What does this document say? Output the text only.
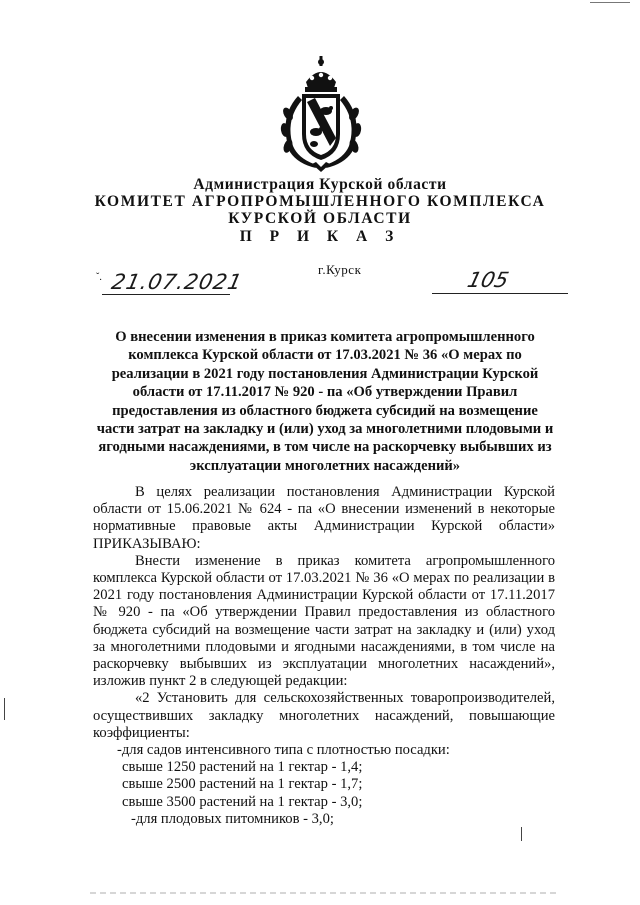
Администрация Курской области
КОМИТЕТ АГРОПРОМЫШЛЕННОГО КОМПЛЕКСА
КУРСКОЙ ОБЛАСТИ
П Р И К А З
ˇ. 21.07.2021
г.Курск	105
О внесении изменения в приказ комитета агропромышленного комплекса Курской области от 17.03.2021 № 36 «О мерах по реализации в 2021 году постановления Администрации Курской области от 17.11.2017 № 920 - па «Об утверждении Правил предоставления из областного бюджета субсидий на возмещение части затрат на закладку и (или) уход за многолетними плодовыми и ягодными насаждениями, в том числе на раскорчевку выбывших из эксплуатации многолетних насаждений»

В целях реализации постановления Администрации Курской области от 15.06.2021 № 624 - па «О внесении изменений в некоторые нормативные правовые акты Администрации Курской области» ПРИКАЗЫВАЮ:

Внести изменение в приказ комитета агропромышленного комплекса Курской области от 17.03.2021 № 36 «О мерах по реализации в 2021 году постановления Администрации Курской области от 17.11.2017 № 920 - па «Об утверждении Правил предоставления из областного бюджета субсидий на возмещение части затрат на закладку и (или) уход за многолетними плодовыми и ягодными насаждениями, в том числе на раскорчевку выбывших из эксплуатации многолетних насаждений», изложив пункт 2 в следующей редакции:

«2 Установить для сельскохозяйственных товаропроизводителей, осуществивших закладку многолетних насаждений, повышающие коэффициенты:

-для садов интенсивного типа с плотностью посадки:

свыше 1250 растений на 1 гектар - 1,4;

свыше 2500 растений на 1 гектар - 1,7;

свыше 3500 растений на 1 гектар - 3,0;

-для плодовых питомников - 3,0;
